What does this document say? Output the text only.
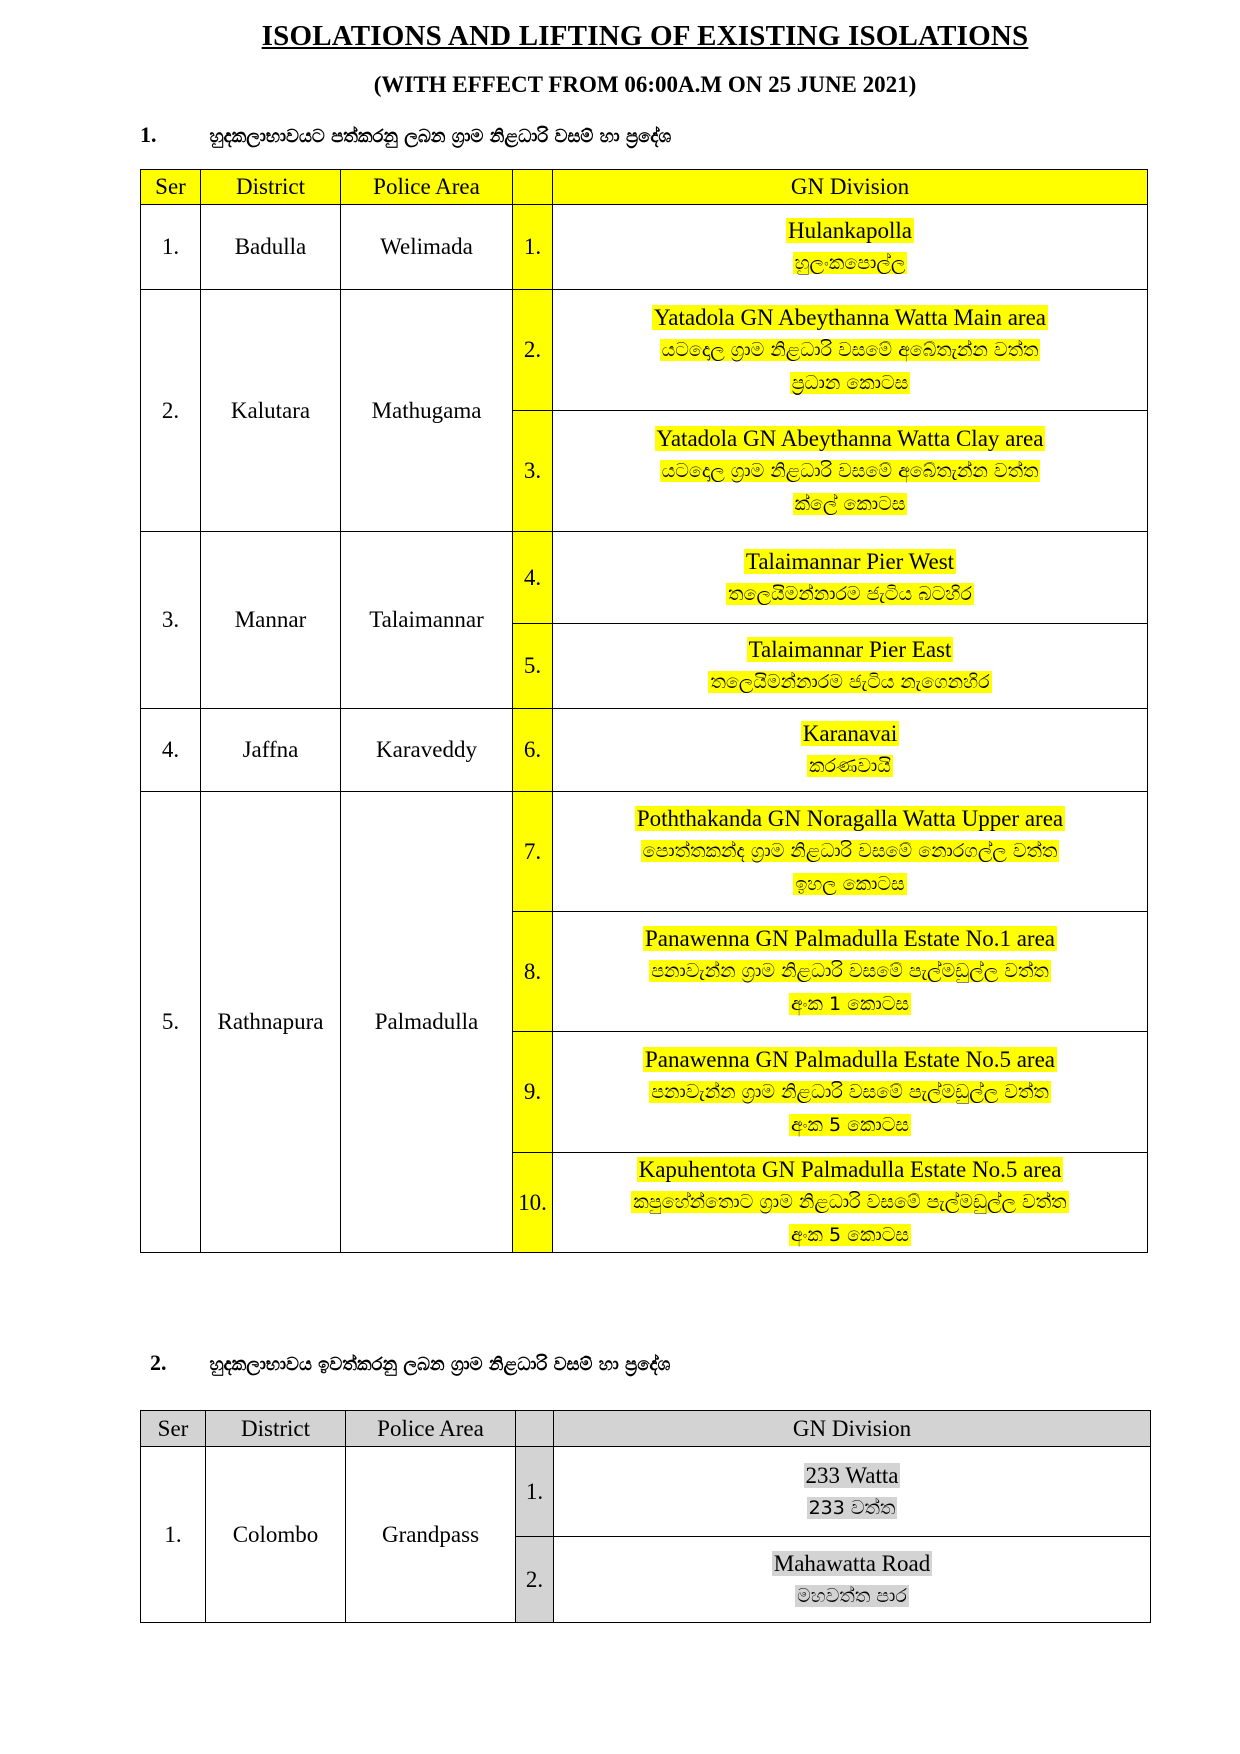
ISOLATIONS AND LIFTING OF EXISTING ISOLATIONS
(WITH EFFECT FROM 06:00A.M ON 25 JUNE 2021)
1.	හුදකලාභාවයට පත්කරනු ලබන ග්‍රාම නිළධාරි වසම් හා ප්‍රදේශ
Ser	District	Police Area		GN Division
1.	Badulla	Welimada	1.	Hulankapolla
හුලංකපොල්ල

2.	Kalutara	Mathugama	2.	Yatadola GN Abeythanna Watta Main area
යටදොල ග්‍රාම නිළධාරි වසමේ අබේතැන්න වත්ත
ප්‍රධාන කොටස

			3.	Yatadola GN Abeythanna Watta Clay area
යටදොල ග්‍රාම නිළධාරි වසමේ අබේතැන්න වත්ත
ක්ලේ කොටස

3.	Mannar	Talaimannar	4.	Talaimannar Pier West
තලෙයිමන්නාරම ජැටිය බටහිර

			5.	Talaimannar Pier East
තලෙයිමන්නාරම ජැටිය නැගෙනහිර

4.	Jaffna	Karaveddy	6.	Karanavai
කරණවායි

5.	Rathnapura	Palmadulla	7.	Poththakanda GN Noragalla Watta Upper area
පොත්තකන්ද ග්‍රාම නිළධාරි වසමේ නොරගල්ල වත්ත
ඉහල කොටස

			8.	Panawenna GN Palmadulla Estate No.1 area
පනාවැන්න ග්‍රාම නිළධාරි වසමේ පැල්මඩුල්ල වත්ත
අංක 1 කොටස

			9.	Panawenna GN Palmadulla Estate No.5 area
පනාවැන්න ග්‍රාම නිළධාරි වසමේ පැල්මඩුල්ල වත්ත
අංක 5 කොටස

			10.	Kapuhentota GN Palmadulla Estate No.5 area
කපුහේන්තොට ග්‍රාම නිළධාරි වසමේ පැල්මඩුල්ල වත්ත
අංක 5 කොටස
2. හුදකලාභාවය ඉවත්කරනු ලබන ග්‍රාම නිළධාරි වසම් හා ප්‍රදේශ
Ser	District	Police Area		GN Division
1.	Colombo	Grandpass	1.	233 Watta
233 වත්ත

			2.	Mahawatta Road
මහවත්ත පාර
